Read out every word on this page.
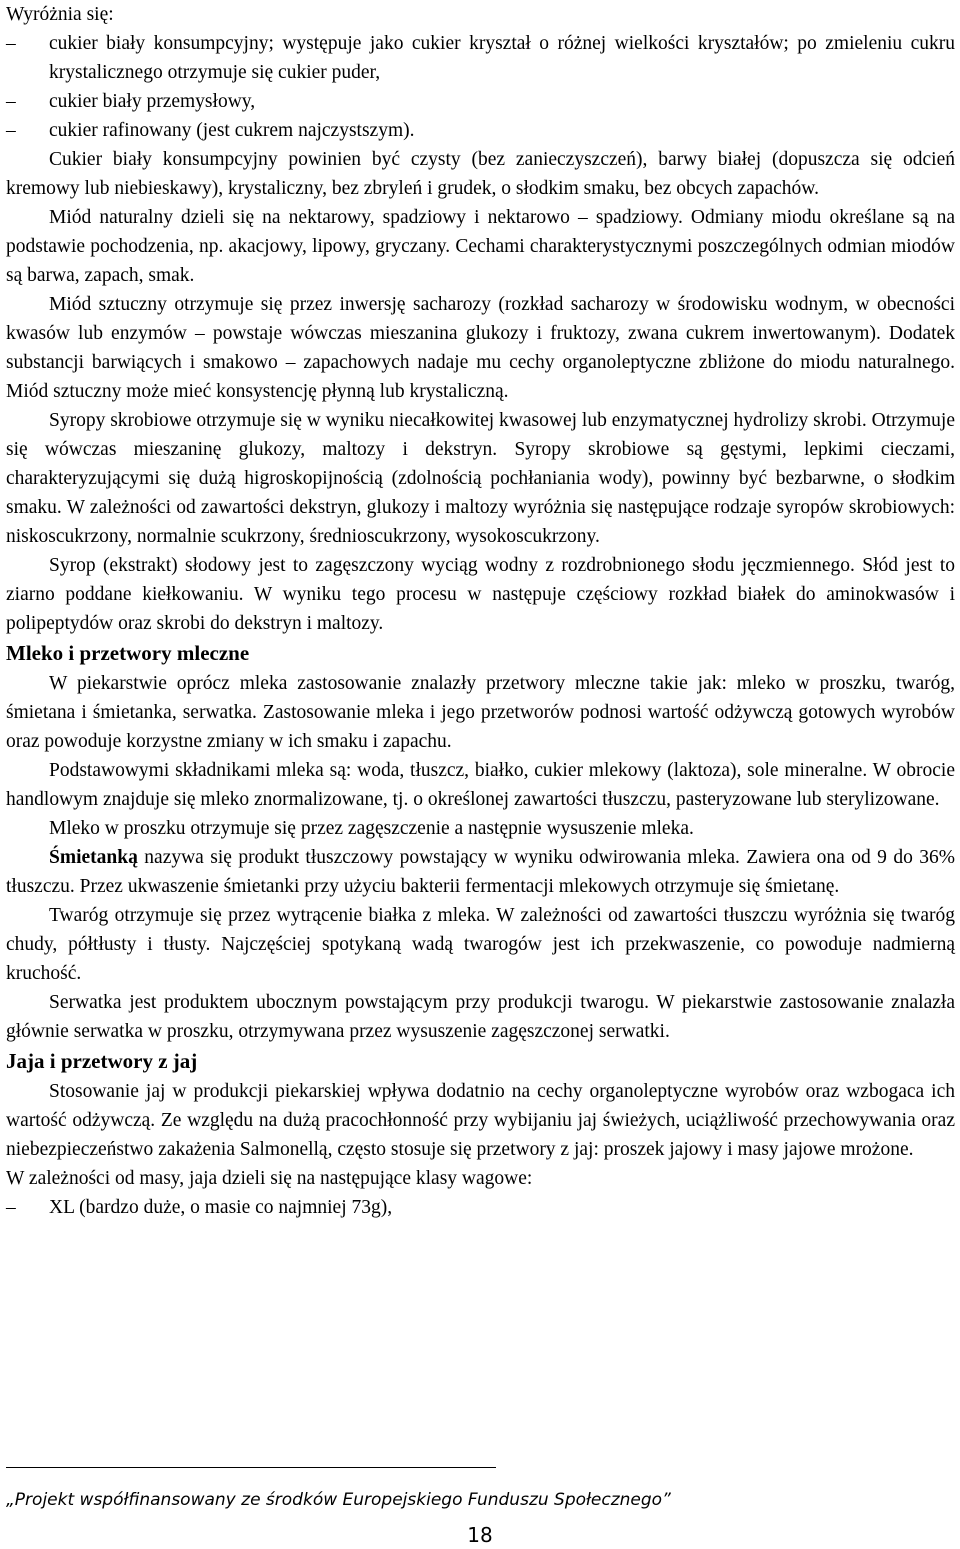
Wyróżnia się:

–	cukier biały konsumpcyjny; występuje jako cukier kryształ o różnej wielkości kryształów; po zmieleniu cukru krystalicznego otrzymuje się cukier puder,
–	cukier biały przemysłowy,
–	cukier rafinowany (jest cukrem najczystszym).

Cukier biały konsumpcyjny powinien być czysty (bez zanieczyszczeń), barwy białej (dopuszcza się odcień kremowy lub niebieskawy), krystaliczny, bez zbryleń i grudek, o słodkim smaku, bez obcych zapachów.

Miód naturalny dzieli się na nektarowy, spadziowy i nektarowo – spadziowy. Odmiany miodu określane są na podstawie pochodzenia, np. akacjowy, lipowy, gryczany. Cechami charakterystycznymi poszczególnych odmian miodów są barwa, zapach, smak.

Miód sztuczny otrzymuje się przez inwersję sacharozy (rozkład sacharozy w środowisku wodnym, w obecności kwasów lub enzymów – powstaje wówczas mieszanina glukozy i fruktozy, zwana cukrem inwertowanym). Dodatek substancji barwiących i smakowo – zapachowych nadaje mu cechy organoleptyczne zbliżone do miodu naturalnego. Miód sztuczny może mieć konsystencję płynną lub krystaliczną.

Syropy skrobiowe otrzymuje się w wyniku niecałkowitej kwasowej lub enzymatycznej hydrolizy skrobi. Otrzymuje się wówczas mieszaninę glukozy, maltozy i dekstryn. Syropy skrobiowe są gęstymi, lepkimi cieczami, charakteryzującymi się dużą higroskopijnością (zdolnością pochłaniania wody), powinny być bezbarwne, o słodkim smaku. W zależności od zawartości dekstryn, glukozy i maltozy wyróżnia się następujące rodzaje syropów skrobiowych: niskoscukrzony, normalnie scukrzony, średnioscukrzony, wysokoscukrzony.

Syrop (ekstrakt) słodowy jest to zagęszczony wyciąg wodny z rozdrobnionego słodu jęczmiennego. Słód jest to ziarno poddane kiełkowaniu. W wyniku tego procesu w następuje częściowy rozkład białek do aminokwasów i polipeptydów oraz skrobi do dekstryn i maltozy.

Mleko i przetwory mleczne

W piekarstwie oprócz mleka zastosowanie znalazły przetwory mleczne takie jak: mleko w proszku, twaróg, śmietana i śmietanka, serwatka. Zastosowanie mleka i jego przetworów podnosi wartość odżywczą gotowych wyrobów oraz powoduje korzystne zmiany w ich smaku i zapachu.

Podstawowymi składnikami mleka są: woda, tłuszcz, białko, cukier mlekowy (laktoza), sole mineralne. W obrocie handlowym znajduje się mleko znormalizowane, tj. o określonej zawartości tłuszczu, pasteryzowane lub sterylizowane.

Mleko w proszku otrzymuje się przez zagęszczenie a następnie wysuszenie mleka.

Śmietanką nazywa się produkt tłuszczowy powstający w wyniku odwirowania mleka. Zawiera ona od 9 do 36% tłuszczu. Przez ukwaszenie śmietanki przy użyciu bakterii fermentacji mlekowych otrzymuje się śmietanę.

Twaróg otrzymuje się przez wytrącenie białka z mleka. W zależności od zawartości tłuszczu wyróżnia się twaróg chudy, półtłusty i tłusty. Najczęściej spotykaną wadą twarogów jest ich przekwaszenie, co powoduje nadmierną kruchość.

Serwatka jest produktem ubocznym powstającym przy produkcji twarogu. W piekarstwie zastosowanie znalazła głównie serwatka w proszku, otrzymywana przez wysuszenie zagęszczonej serwatki.

Jaja i przetwory z jaj

Stosowanie jaj w produkcji piekarskiej wpływa dodatnio na cechy organoleptyczne wyrobów oraz wzbogaca ich wartość odżywczą. Ze względu na dużą pracochłonność przy wybijaniu jaj świeżych, uciążliwość przechowywania oraz niebezpieczeństwo zakażenia Salmonellą, często stosuje się przetwory z jaj: proszek jajowy i masy jajowe mrożone.

W zależności od masy, jaja dzieli się na następujące klasy wagowe:

–	XL (bardzo duże, o masie co najmniej 73g),
„Projekt współfinansowany ze środków Europejskiego Funduszu Społecznego”
18
